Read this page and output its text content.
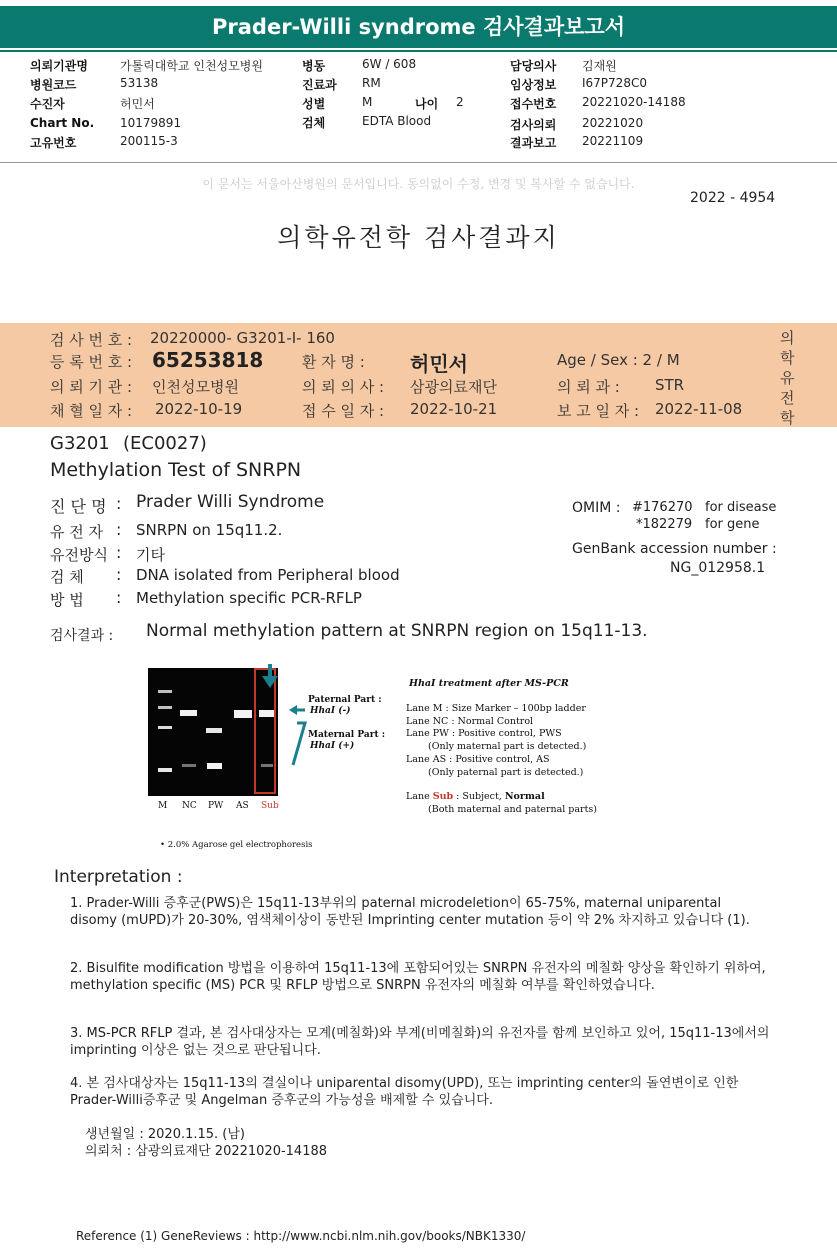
Prader-Willi syndrome 검사결과보고서
의뢰기관명	가톨릭대학교 인천성모병원
병원코드	53138
수진자	허민서
Chart No. 10179891
고유번호	200115-3
병동	6W / 608
진료과 RM
성별	M	나이 2
검체	EDTA Blood
담당의사 김재원
임상정보 I67P728C0
접수번호 20221020-14188
검사의뢰 20221020
결과보고 20221109
이 문서는 서울아산병원의 문서입니다. 동의없이 수정, 변경 및 복사할 수 없습니다.
2022 - 4954
의학유전학 검사결과지
검 사 번 호 : 20220000- G3201-I- 160
등 록 번 호 : 65253818	환 자 명 : 허민서	Age / Sex : 2 / M
의 뢰 기 관 : 인천성모병원	의 뢰 의 사 : 삼광의료재단	의 뢰 과 : STR
채 혈 일 자 : 2022-10-19	접 수 일 자 : 2022-10-21	보 고 일 자 : 2022-11-08
의
학
유
전
학
G3201 (EC0027)
Methylation Test of SNRPN
진 단 명 : Prader Willi Syndrome
유 전 자 : SNRPN on 15q11.2.
유전방식 : 기타
검 체 : DNA isolated from Peripheral blood
방 법 : Methylation specific PCR-RFLP
OMIM : #176270 for disease
*182279 for gene
GenBank accession number :
NG_012958.1
검사결과 : Normal methylation pattern at SNRPN region on 15q11-13.
M NC PW AS Sub
Paternal Part :
HhaI (-)
Maternal Part :
HhaI (+)
HhaI treatment after MS-PCR
Lane M : Size Marker – 100bp ladder
Lane NC : Normal Control
Lane PW : Positive control, PWS
(Only maternal part is detected.)
Lane AS : Positive control, AS
(Only paternal part is detected.)
Lane Sub : Subject, Normal
(Both maternal and paternal parts)
• 2.0% Agarose gel electrophoresis
Interpretation :
1. Prader-Willi 증후군(PWS)은 15q11-13부위의 paternal microdeletion이 65-75%, maternal uniparental disomy (mUPD)가 20-30%, 염색체이상이 동반된 Imprinting center mutation 등이 약 2% 차지하고 있습니다 (1).
2. Bisulfite modification 방법을 이용하여 15q11-13에 포함되어있는 SNRPN 유전자의 메칠화 양상을 확인하기 위하여, methylation specific (MS) PCR 및 RFLP 방법으로 SNRPN 유전자의 메칠화 여부를 확인하였습니다.
3. MS-PCR RFLP 결과, 본 검사대상자는 모계(메칠화)와 부계(비메칠화)의 유전자를 함께 보인하고 있어, 15q11-13에서의 imprinting 이상은 없는 것으로 판단됩니다.
4. 본 검사대상자는 15q11-13의 결실이나 uniparental disomy(UPD), 또는 imprinting center의 돌연변이로 인한 Prader-Willi증후군 및 Angelman 증후군의 가능성을 배제할 수 있습니다.
생년월일 : 2020.1.15. (남)
의뢰처 : 삼광의료재단 20221020-14188
Reference (1) GeneReviews : http://www.ncbi.nlm.nih.gov/books/NBK1330/
